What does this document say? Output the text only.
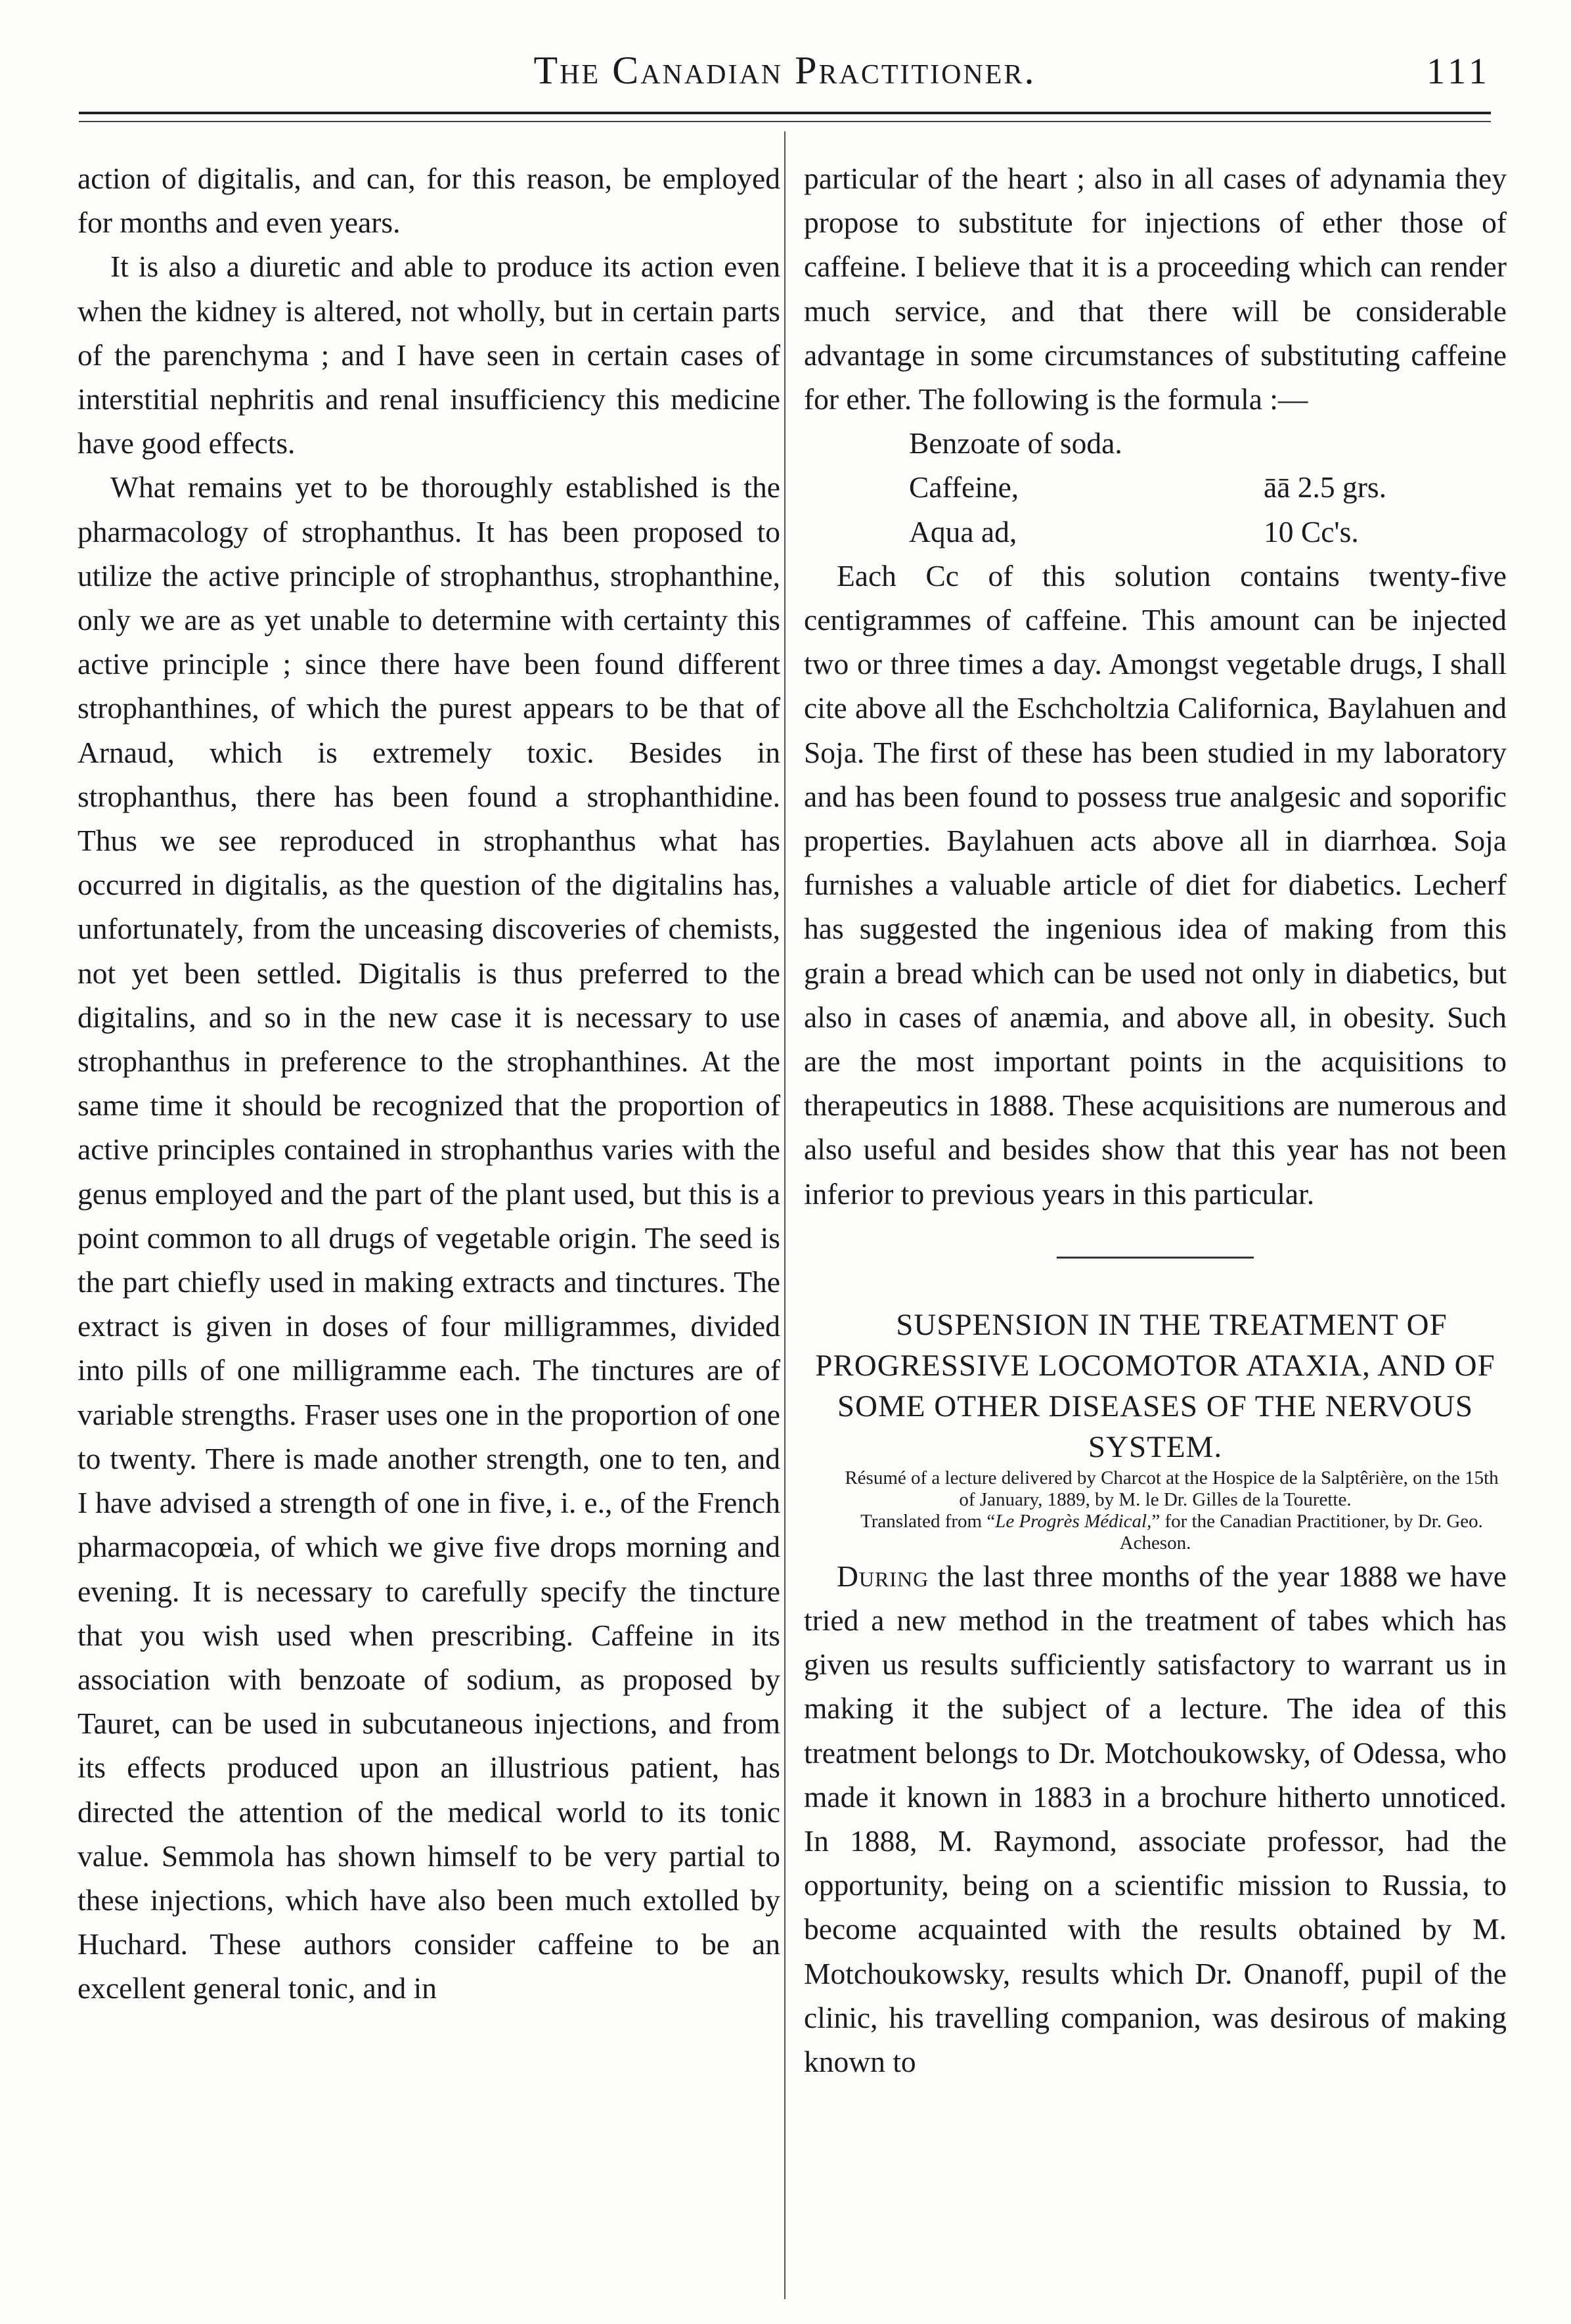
The Canadian Practitioner.	111

action of digitalis, and can, for this reason, be employed for months and even years.

It is also a diuretic and able to produce its action even when the kidney is altered, not wholly, but in certain parts of the parenchyma ; and I have seen in certain cases of interstitial nephritis and renal insufficiency this medicine have good effects.

What remains yet to be thoroughly established is the pharmacology of strophanthus. It has been proposed to utilize the active principle of strophanthus, strophanthine, only we are as yet unable to determine with certainty this active principle ; since there have been found different strophanthines, of which the purest appears to be that of Arnaud, which is extremely toxic. Besides in strophanthus, there has been found a strophanthidine. Thus we see reproduced in strophanthus what has occurred in digitalis, as the question of the digitalins has, unfortunately, from the unceasing discoveries of chemists, not yet been settled. Digitalis is thus preferred to the digitalins, and so in the new case it is necessary to use strophanthus in preference to the strophanthines. At the same time it should be recognized that the proportion of active principles contained in strophanthus varies with the genus employed and the part of the plant used, but this is a point common to all drugs of vegetable origin. The seed is the part chiefly used in making extracts and tinctures. The extract is given in doses of four milligrammes, divided into pills of one milligramme each. The tinctures are of variable strengths. Fraser uses one in the proportion of one to twenty. There is made another strength, one to ten, and I have advised a strength of one in five, i. e., of the French pharmacopœia, of which we give five drops morning and evening. It is necessary to carefully specify the tincture that you wish used when prescribing. Caffeine in its association with benzoate of sodium, as proposed by Tauret, can be used in subcutaneous injections, and from its effects produced upon an illustrious patient, has directed the attention of the medical world to its tonic value. Semmola has shown himself to be very partial to these injections, which have also been much extolled by Huchard. These authors consider caffeine to be an excellent general tonic, and in

particular of the heart ; also in all cases of adynamia they propose to substitute for injections of ether those of caffeine. I believe that it is a proceeding which can render much service, and that there will be considerable advantage in some circumstances of substituting caffeine for ether. The following is the formula :—

Benzoate of soda.
Caffeine,	āā 2.5 grs.
Aqua ad,	10 Cc's.

Each Cc of this solution contains twenty-five centigrammes of caffeine. This amount can be injected two or three times a day. Amongst vegetable drugs, I shall cite above all the Eschcholtzia Californica, Baylahuen and Soja. The first of these has been studied in my laboratory and has been found to possess true analgesic and soporific properties. Baylahuen acts above all in diarrhœa. Soja furnishes a valuable article of diet for diabetics. Lecherf has suggested the ingenious idea of making from this grain a bread which can be used not only in diabetics, but also in cases of anæmia, and above all, in obesity. Such are the most important points in the acquisitions to therapeutics in 1888. These acquisitions are numerous and also useful and besides show that this year has not been inferior to previous years in this particular.

SUSPENSION IN THE TREATMENT OF PROGRESSIVE LOCOMOTOR ATAXIA, AND OF SOME OTHER DISEASES OF THE NERVOUS SYSTEM.

Résumé of a lecture delivered by Charcot at the Hospice de la Salptêrière, on the 15th of January, 1889, by M. le Dr. Gilles de la Tourette.

Translated from “Le Progrès Médical,” for the Canadian Practitioner, by Dr. Geo. Acheson.

During the last three months of the year 1888 we have tried a new method in the treatment of tabes which has given us results sufficiently satisfactory to warrant us in making it the subject of a lecture. The idea of this treatment belongs to Dr. Motchoukowsky, of Odessa, who made it known in 1883 in a brochure hitherto unnoticed. In 1888, M. Raymond, associate professor, had the opportunity, being on a scientific mission to Russia, to become acquainted with the results obtained by M. Motchoukowsky, results which Dr. Onanoff, pupil of the clinic, his travelling companion, was desirous of making known to
